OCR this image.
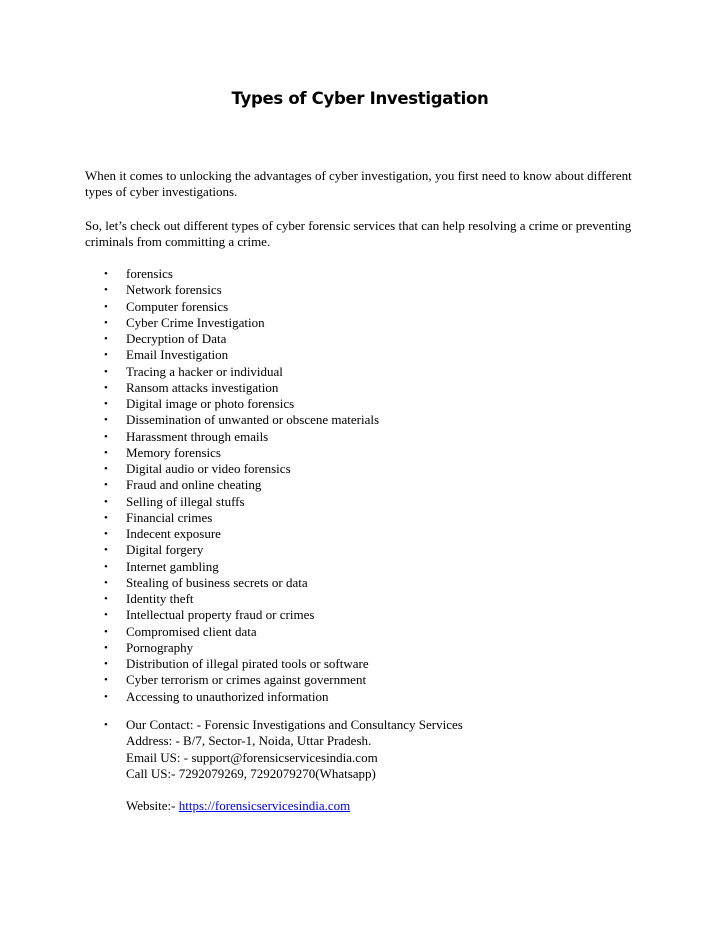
Types of Cyber Investigation

When it comes to unlocking the advantages of cyber investigation, you first need to know about different types of cyber investigations.

So, let’s check out different types of cyber forensic services that can help resolving a crime or preventing criminals from committing a crime.

• forensics
• Network forensics
• Computer forensics
• Cyber Crime Investigation
• Decryption of Data
• Email Investigation
• Tracing a hacker or individual
• Ransom attacks investigation
• Digital image or photo forensics
• Dissemination of unwanted or obscene materials
• Harassment through emails
• Memory forensics
• Digital audio or video forensics
• Fraud and online cheating
• Selling of illegal stuffs
• Financial crimes
• Indecent exposure
• Digital forgery
• Internet gambling
• Stealing of business secrets or data
• Identity theft
• Intellectual property fraud or crimes
• Compromised client data
• Pornography
• Distribution of illegal pirated tools or software
• Cyber terrorism or crimes against government
• Accessing to unauthorized information
• Our Contact: - Forensic Investigations and Consultancy Services
Address: - B/7, Sector-1, Noida, Uttar Pradesh.
Email US: - support@forensicservicesindia.com
Call US:- 7292079269, 7292079270(Whatsapp)
Website:- https://forensicservicesindia.com
